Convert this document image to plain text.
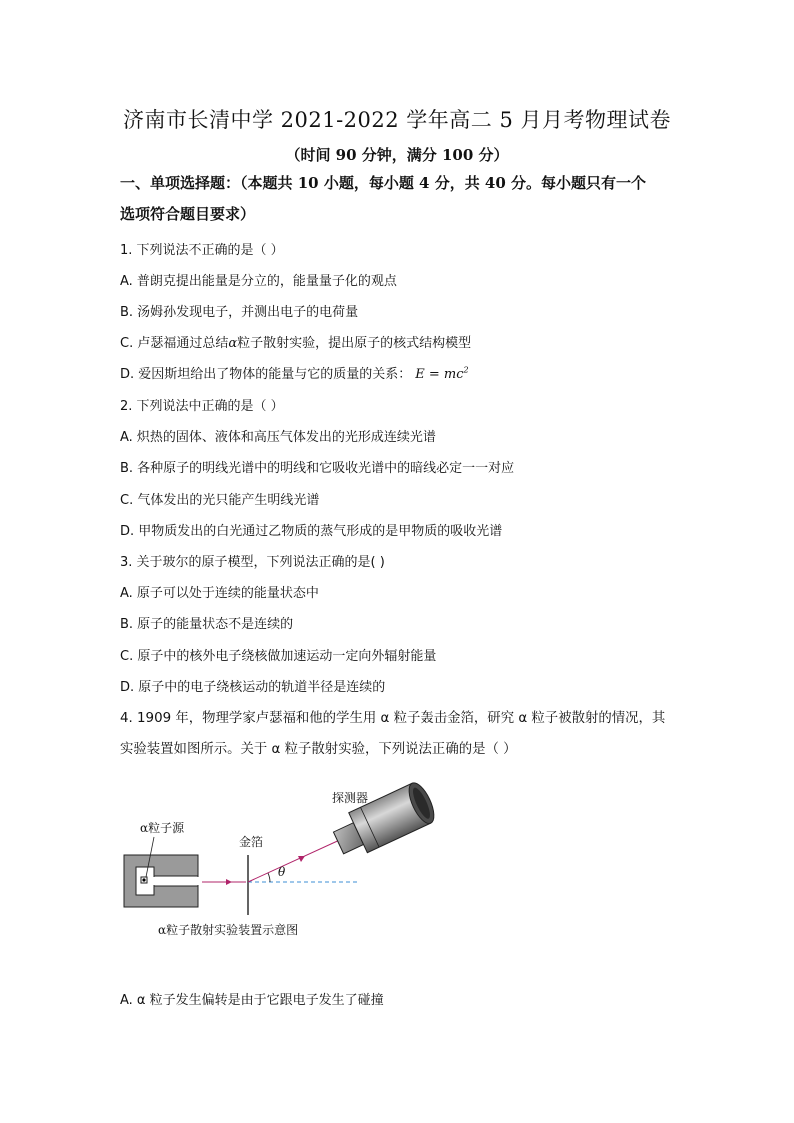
济南市长清中学 2021-2022 学年高二 5 月月考物理试卷
（时间 90 分钟，满分 100 分）
一、单项选择题：（本题共 10 小题，每小题 4 分，共 40 分。每小题只有一个
选项符合题目要求）
1. 下列说法不正确的是（ ）
A. 普朗克提出能量是分立的，能量量子化的观点
B. 汤姆孙发现电子，并测出电子的电荷量
C. 卢瑟福通过总结α粒子散射实验，提出原子的核式结构模型
D. 爱因斯坦给出了物体的能量与它的质量的关系： $E = mc^2$
2. 下列说法中正确的是（ ）
A. 炽热的固体、液体和高压气体发出的光形成连续光谱
B. 各种原子的明线光谱中的明线和它吸收光谱中的暗线必定一一对应
C. 气体发出的光只能产生明线光谱
D. 甲物质发出的白光通过乙物质的蒸气形成的是甲物质的吸收光谱
3. 关于玻尔的原子模型，下列说法正确的是( )
A. 原子可以处于连续的能量状态中
B. 原子的能量状态不是连续的
C. 原子中的核外电子绕核做加速运动一定向外辐射能量
D. 原子中的电子绕核运动的轨道半径是连续的
4. 1909 年，物理学家卢瑟福和他的学生用 α 粒子轰击金箔，研究 α 粒子被散射的情况，其
实验装置如图所示。关于 α 粒子散射实验，下列说法正确的是（ ）
α粒子源
金箔
探测器
θ
α粒子散射实验装置示意图
A. α 粒子发生偏转是由于它跟电子发生了碰撞
